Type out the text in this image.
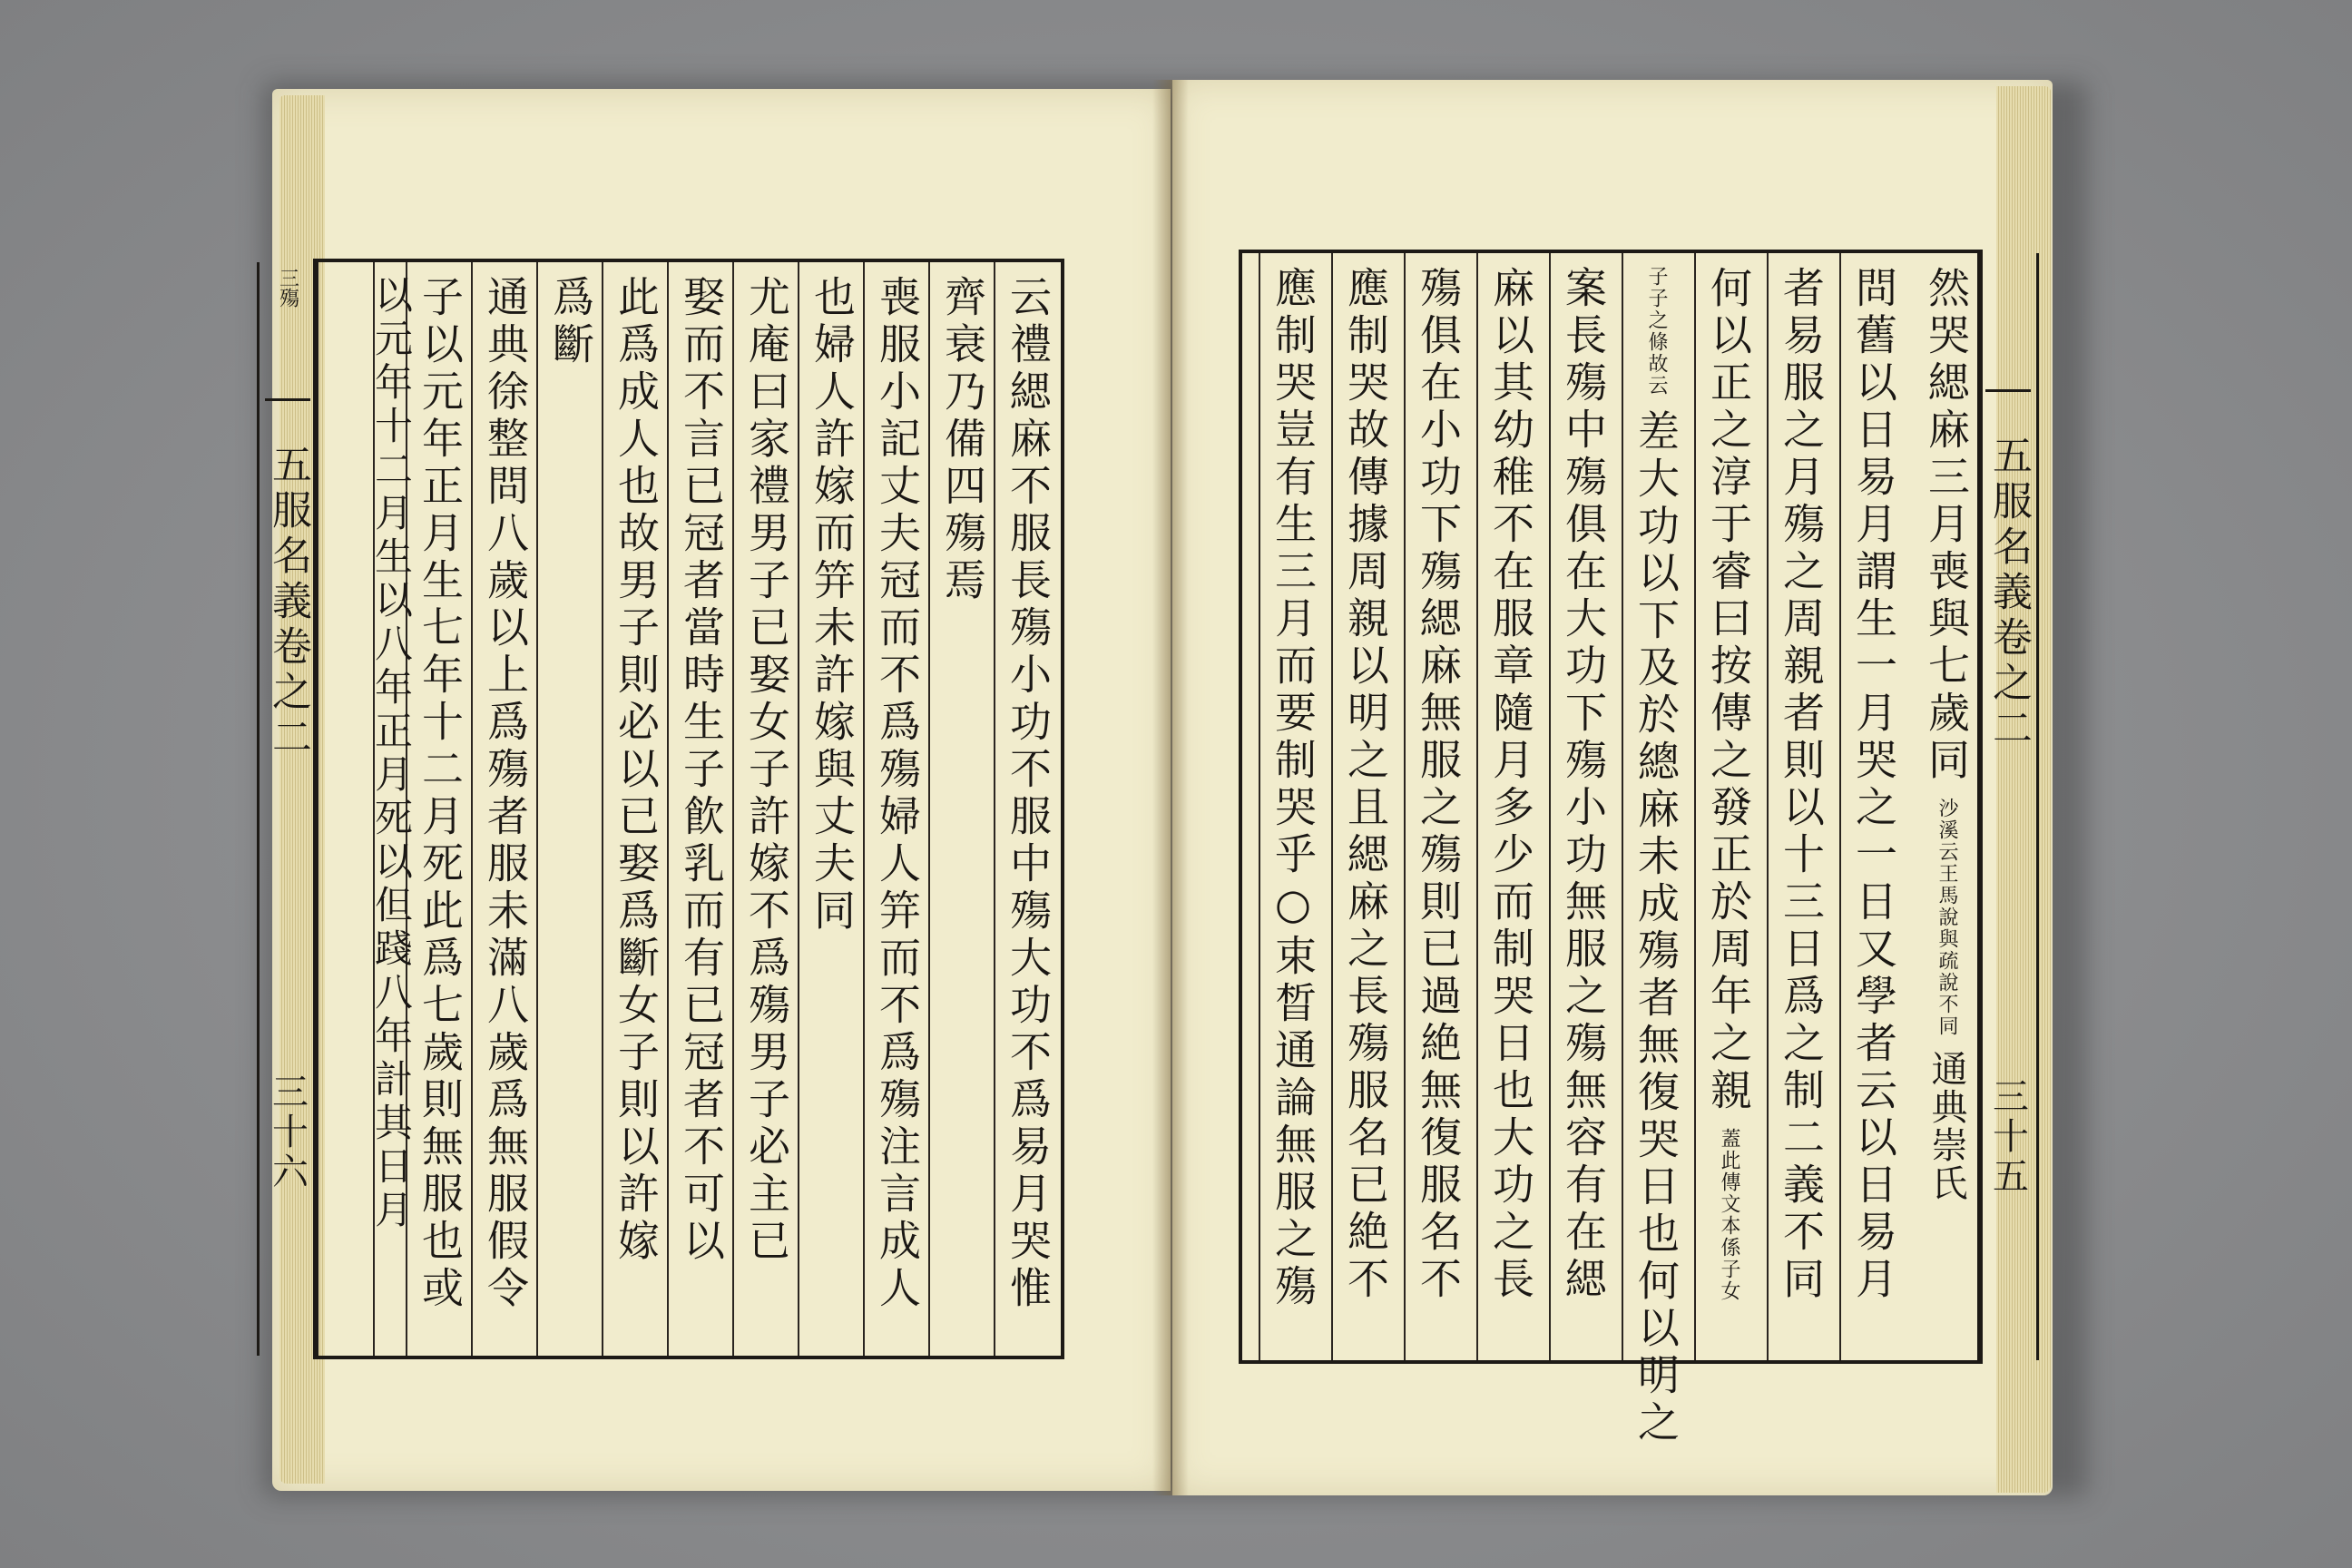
云禮緦麻不服長殤小功不服中殤大功不爲易月哭惟
齊衰乃備四殤焉
喪服小記丈夫冠而不爲殤婦人笄而不爲殤注言成人
也婦人許嫁而笄未許嫁與丈夫同
尤庵曰家禮男子已娶女子許嫁不爲殤男子必主已
娶而不言已冠者當時生子飮乳而有已冠者不可以
此爲成人也故男子則必以已娶爲斷女子則以許嫁
爲斷
通典徐整問八歲以上爲殤者服未滿八歲爲無服假令
子以元年正月生七年十二月死此爲七歲則無服也或
以元年十二月生以八年正月死以但踐八年計其日月
三殤
五服名義卷之二
三十六
五服名義卷之二
三十五
然哭緦麻三月喪與七歲同
沙溪云王馬說與疏說不同
通典崇氏
問舊以日易月謂生一月哭之一日又學者云以日易月
者易服之月殤之周親者則以十三日爲之制二義不同
何以正之淳于睿曰按傳之發正於周年之親
蓋此傳文本係子女
子子之條故云
差大功以下及於總麻未成殤者無復哭日也何以明之
案長殤中殤俱在大功下殤小功無服之殤無容有在緦
麻以其幼稚不在服章隨月多少而制哭日也大功之長
殤俱在小功下殤緦麻無服之殤則已過絶無復服名不
應制哭故傳據周親以明之且緦麻之長殤服名已絶不
應制哭豈有生三月而要制哭乎○束晳通論無服之殤
